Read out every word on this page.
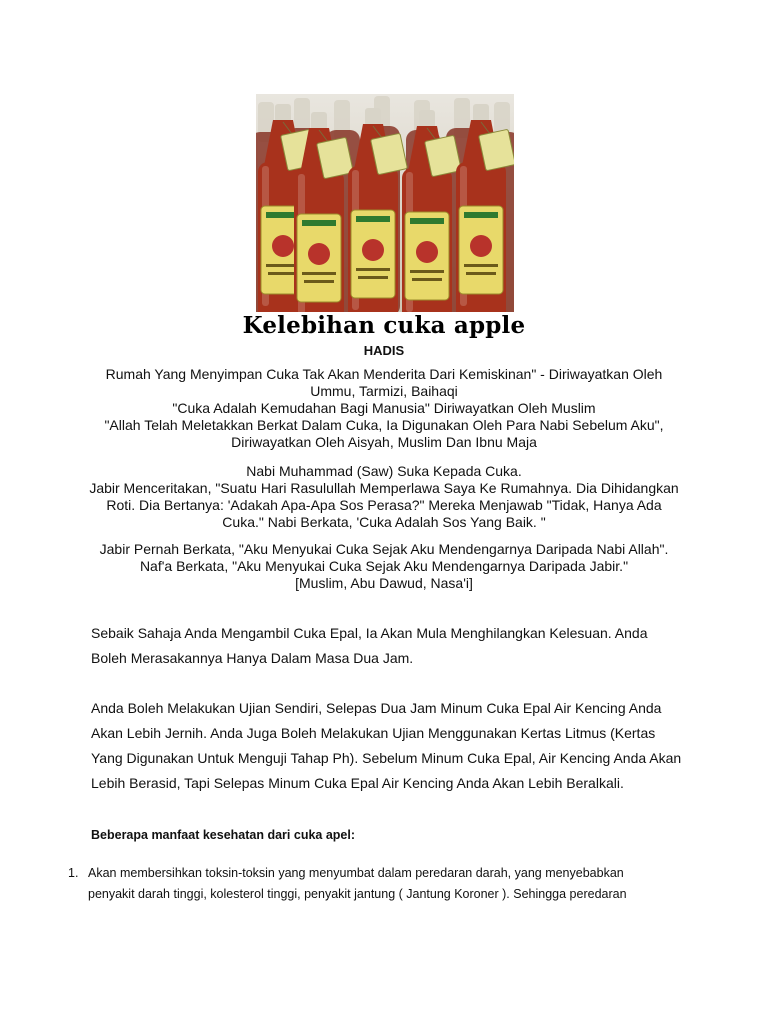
Kelebihan cuka apple
HADIS
Rumah Yang Menyimpan Cuka Tak Akan Menderita Dari Kemiskinan" - Diriwayatkan Oleh
Ummu, Tarmizi, Baihaqi
"Cuka Adalah Kemudahan Bagi Manusia" Diriwayatkan Oleh Muslim
"Allah Telah Meletakkan Berkat Dalam Cuka, Ia Digunakan Oleh Para Nabi Sebelum Aku",
Diriwayatkan Oleh Aisyah, Muslim Dan Ibnu Maja
Nabi Muhammad (Saw) Suka Kepada Cuka.
Jabir Menceritakan, "Suatu Hari Rasulullah Memperlawa Saya Ke Rumahnya. Dia Dihidangkan
Roti. Dia Bertanya: 'Adakah Apa-Apa Sos Perasa?" Mereka Menjawab "Tidak, Hanya Ada
Cuka." Nabi Berkata, 'Cuka Adalah Sos Yang Baik. "
Jabir Pernah Berkata, "Aku Menyukai Cuka Sejak Aku Mendengarnya Daripada Nabi Allah".
Naf'a Berkata, "Aku Menyukai Cuka Sejak Aku Mendengarnya Daripada Jabir."
[Muslim, Abu Dawud, Nasa'i]
Sebaik Sahaja Anda Mengambil Cuka Epal, Ia Akan Mula Menghilangkan Kelesuan. Anda
Boleh Merasakannya Hanya Dalam Masa Dua Jam.
Anda Boleh Melakukan Ujian Sendiri, Selepas Dua Jam Minum Cuka Epal Air Kencing Anda
Akan Lebih Jernih. Anda Juga Boleh Melakukan Ujian Menggunakan Kertas Litmus (Kertas
Yang Digunakan Untuk Menguji Tahap Ph). Sebelum Minum Cuka Epal, Air Kencing Anda Akan
Lebih Berasid, Tapi Selepas Minum Cuka Epal Air Kencing Anda Akan Lebih Beralkali.
Beberapa manfaat kesehatan dari cuka apel:
1. Akan membersihkan toksin-toksin yang menyumbat dalam peredaran darah, yang menyebabkan
penyakit darah tinggi, kolesterol tinggi, penyakit jantung ( Jantung Koroner ). Sehingga peredaran
